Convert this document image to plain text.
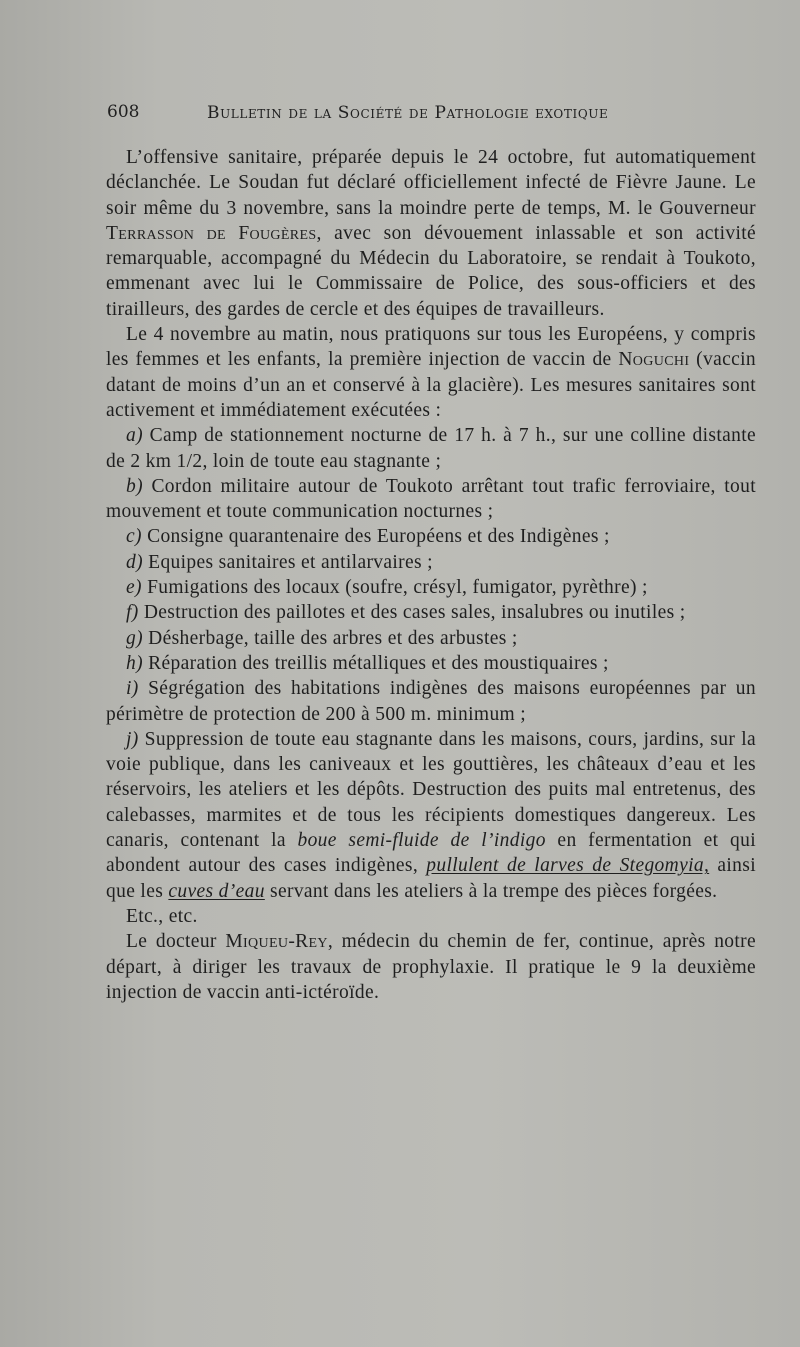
608	Bulletin de la Société de Pathologie exotique

L’offensive sanitaire, préparée depuis le 24 octobre, fut automatiquement déclanchée. Le Soudan fut déclaré officiellement infecté de Fièvre Jaune. Le soir même du 3 novembre, sans la moindre perte de temps, M. le Gouverneur Terrasson de Fougères, avec son dévouement inlassable et son activité remarquable, accompagné du Médecin du Laboratoire, se rendait à Toukoto, emmenant avec lui le Commissaire de Police, des sous-officiers et des tirailleurs, des gardes de cercle et des équipes de travailleurs.

Le 4 novembre au matin, nous pratiquons sur tous les Européens, y compris les femmes et les enfants, la première injection de vaccin de Noguchi (vaccin datant de moins d’un an et conservé à la glacière). Les mesures sanitaires sont activement et immédiatement exécutées :

a) Camp de stationnement nocturne de 17 h. à 7 h., sur une colline distante de 2 km 1/2, loin de toute eau stagnante ;

b) Cordon militaire autour de Toukoto arrêtant tout trafic ferroviaire, tout mouvement et toute communication nocturnes ;

c) Consigne quarantenaire des Européens et des Indigènes ;

d) Equipes sanitaires et antilarvaires ;

e) Fumigations des locaux (soufre, crésyl, fumigator, pyrèthre) ;

f) Destruction des paillotes et des cases sales, insalubres ou inutiles ;

g) Désherbage, taille des arbres et des arbustes ;

h) Réparation des treillis métalliques et des moustiquaires ;

i) Ségrégation des habitations indigènes des maisons européennes par un périmètre de protection de 200 à 500 m. minimum ;

j) Suppression de toute eau stagnante dans les maisons, cours, jardins, sur la voie publique, dans les caniveaux et les gouttières, les châteaux d’eau et les réservoirs, les ateliers et les dépôts. Destruction des puits mal entretenus, des calebasses, marmites et de tous les récipients domestiques dangereux. Les canaris, contenant la boue semi-fluide de l’indigo en fermentation et qui abondent autour des cases indigènes, pullulent de larves de Stegomyia, ainsi que les cuves d’eau servant dans les ateliers à la trempe des pièces forgées.

Etc., etc.

Le docteur Miqueu-Rey, médecin du chemin de fer, continue, après notre départ, à diriger les travaux de prophylaxie. Il pratique le 9 la deuxième injection de vaccin anti-ictéroïde.
